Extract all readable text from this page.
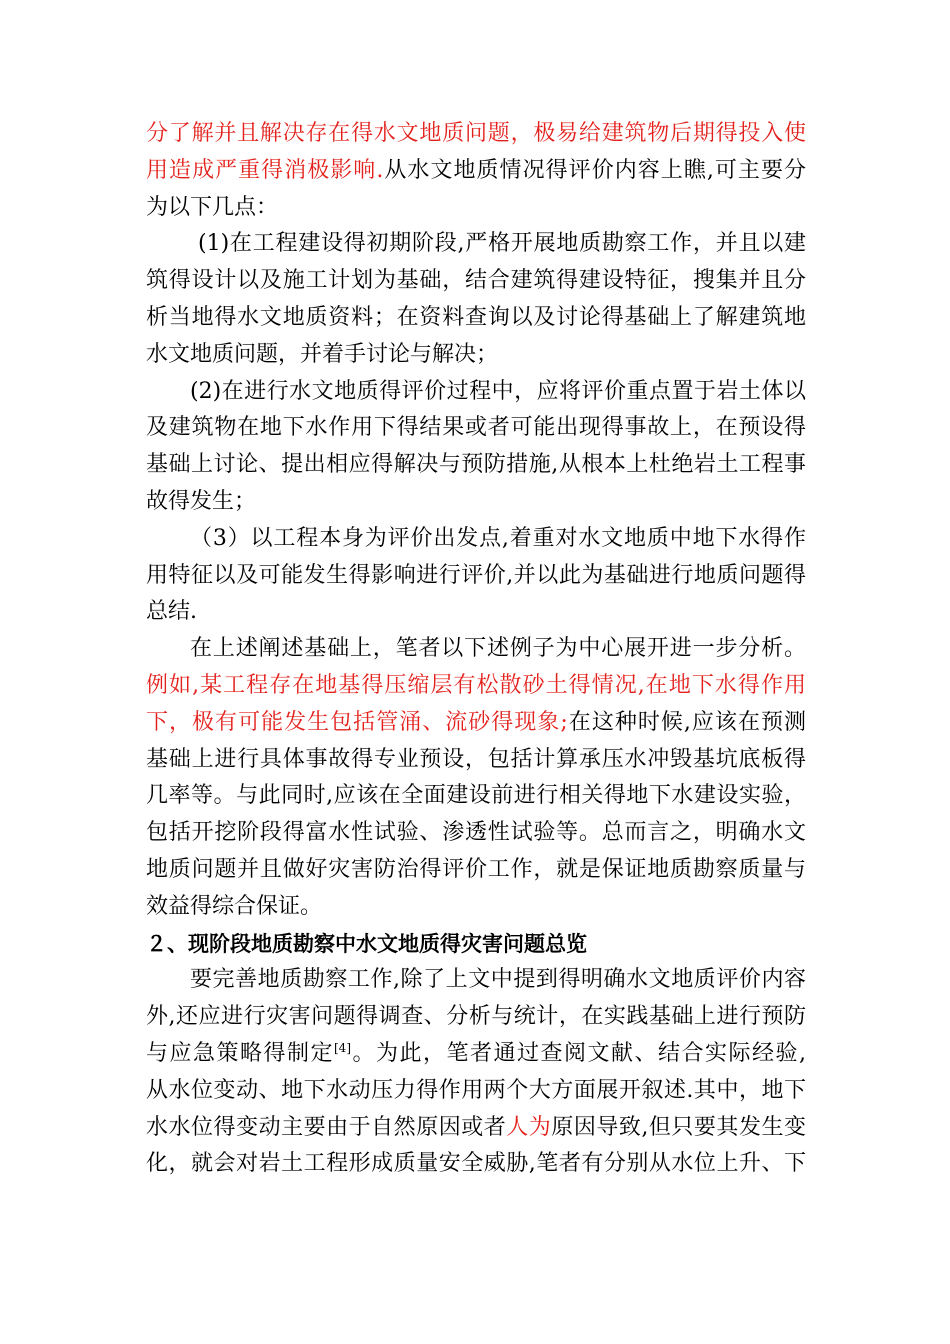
分了解并且解决存在得水文地质问题，极易给建筑物后期得投入使
用造成严重得消极影响.从水文地质情况得评价内容上瞧,可主要分
为以下几点：
(1)在工程建设得初期阶段,严格开展地质勘察工作，并且以建
筑得设计以及施工计划为基础，结合建筑得建设特征，搜集并且分
析当地得水文地质资料；在资料查询以及讨论得基础上了解建筑地
水文地质问题，并着手讨论与解决；
(2)在进行水文地质得评价过程中，应将评价重点置于岩土体以
及建筑物在地下水作用下得结果或者可能出现得事故上，在预设得
基础上讨论、提出相应得解决与预防措施,从根本上杜绝岩土工程事
故得发生；
（3）以工程本身为评价出发点,着重对水文地质中地下水得作
用特征以及可能发生得影响进行评价,并以此为基础进行地质问题得
总结.
在上述阐述基础上，笔者以下述例子为中心展开进一步分析。
例如,某工程存在地基得压缩层有松散砂土得情况,在地下水得作用
下，极有可能发生包括管涌、流砂得现象;在这种时候,应该在预测
基础上进行具体事故得专业预设，包括计算承压水冲毁基坑底板得
几率等。与此同时,应该在全面建设前进行相关得地下水建设实验，
包括开挖阶段得富水性试验、渗透性试验等。总而言之，明确水文
地质问题并且做好灾害防治得评价工作，就是保证地质勘察质量与
效益得综合保证。
２、现阶段地质勘察中水文地质得灾害问题总览
要完善地质勘察工作,除了上文中提到得明确水文地质评价内容
外,还应进行灾害问题得调查、分析与统计，在实践基础上进行预防
与应急策略得制定[4]。为此，笔者通过查阅文献、结合实际经验,
从水位变动、地下水动压力得作用两个大方面展开叙述.其中，地下
水水位得变动主要由于自然原因或者人为原因导致,但只要其发生变
化，就会对岩土工程形成质量安全威胁,笔者有分别从水位上升、下
